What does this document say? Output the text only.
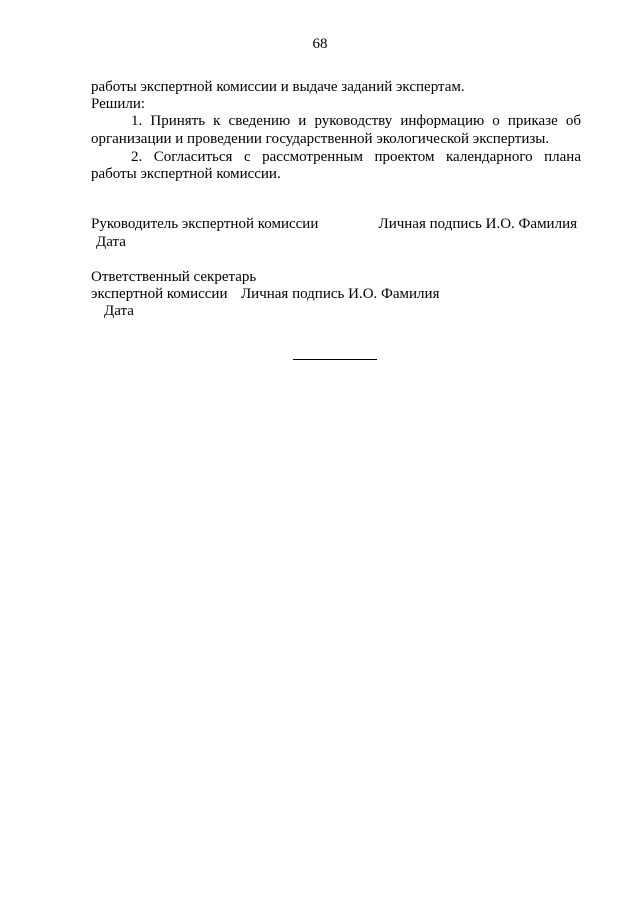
68
работы экспертной комиссии и выдаче заданий экспертам.
Решили:
1. Принять к сведению и руководству информацию о приказе об
организации и проведении государственной экологической экспертизы.
2. Согласиться с рассмотренным проектом календарного плана
работы экспертной комиссии.
Руководитель экспертной комиссии	Личная подпись И.О. Фамилия
Дата
Ответственный секретарь
экспертной комиссии Личная подпись И.О. Фамилия
Дата
